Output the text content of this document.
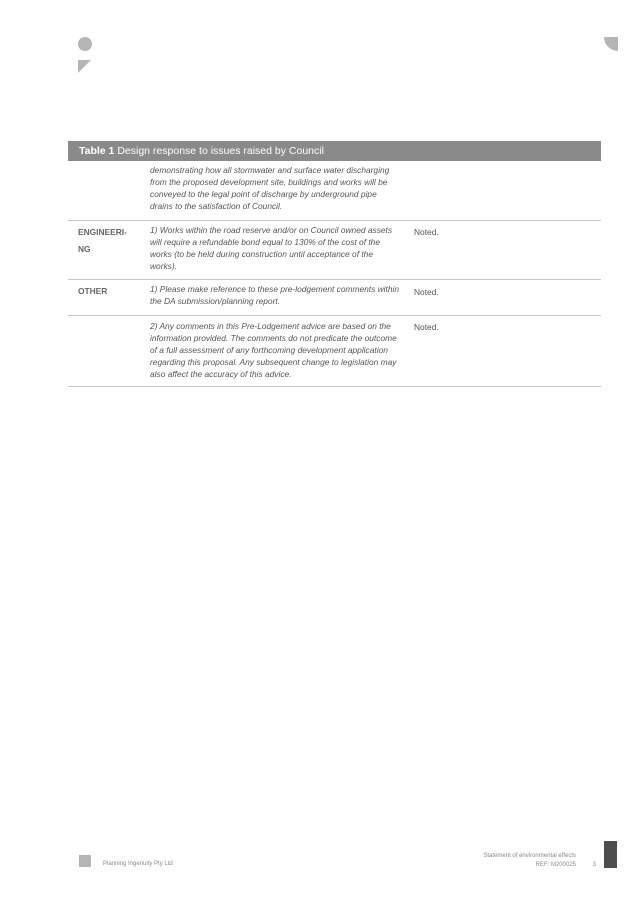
Table 1 Design response to issues raised by Council
demonstrating how all stormwater and surface water discharging from the proposed development site, buildings and works will be conveyed to the legal point of discharge by underground pipe drains to the satisfaction of Council.
ENGINEERI-NG
1) Works within the road reserve and/or on Council owned assets will require a refundable bond equal to 130% of the cost of the works (to be held during construction until acceptance of the works).
Noted.
OTHER	1) Please make reference to these pre-lodgement comments within the DA submission/planning report.
Noted.
2) Any comments in this Pre-Lodgement advice are based on the information provided. The comments do not predicate the outcome of a full assessment of any forthcoming development application regarding this proposal. Any subsequent change to legislation may also affect the accuracy of this advice.
Noted.
Planning Ingenuity Pty Ltd
Statement of environmental effects
REF: M200025	3
